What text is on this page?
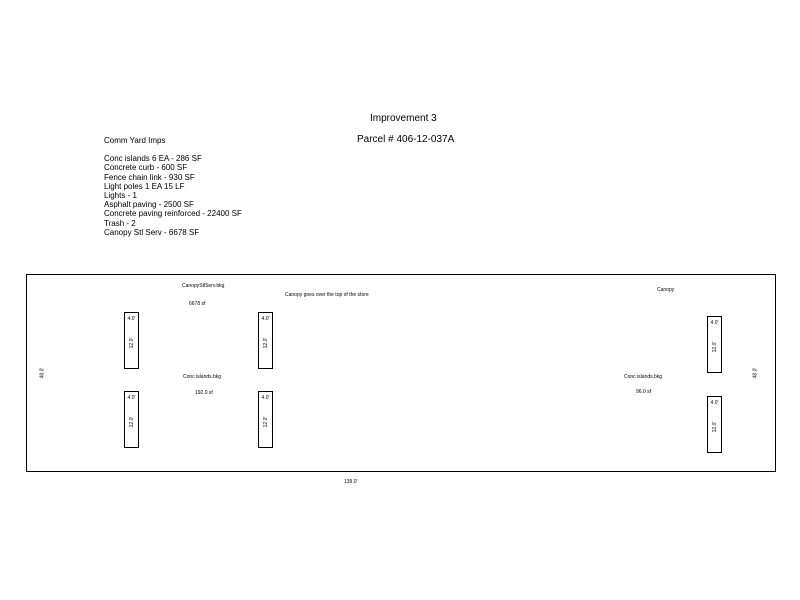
Improvement 3
Parcel # 406-12-037A
Comm Yard Imps
Conc islands 6 EA - 286 SF
Concrete curb - 600 SF
Fence chain link - 930 SF
Light poles 1 EA 15 LF
Lights - 1
Asphalt paving - 2500 SF
Concrete paving reinforced - 22400 SF
Trash - 2
Canopy Stl Serv - 6678 SF
CanopyStlServ.bkg
6678 sf
Canopy goes over the top of the store
Canopy
Conc islands.bkg
192.0 sf
Conc islands.bkg
96.0 sf
48.0'	48.0'
139.0'
4.0'
12.0'
4.0'
12.0'
4.0'
12.0'
4.0'
12.0'
4.0'
12.0'
4.0'
12.0'
